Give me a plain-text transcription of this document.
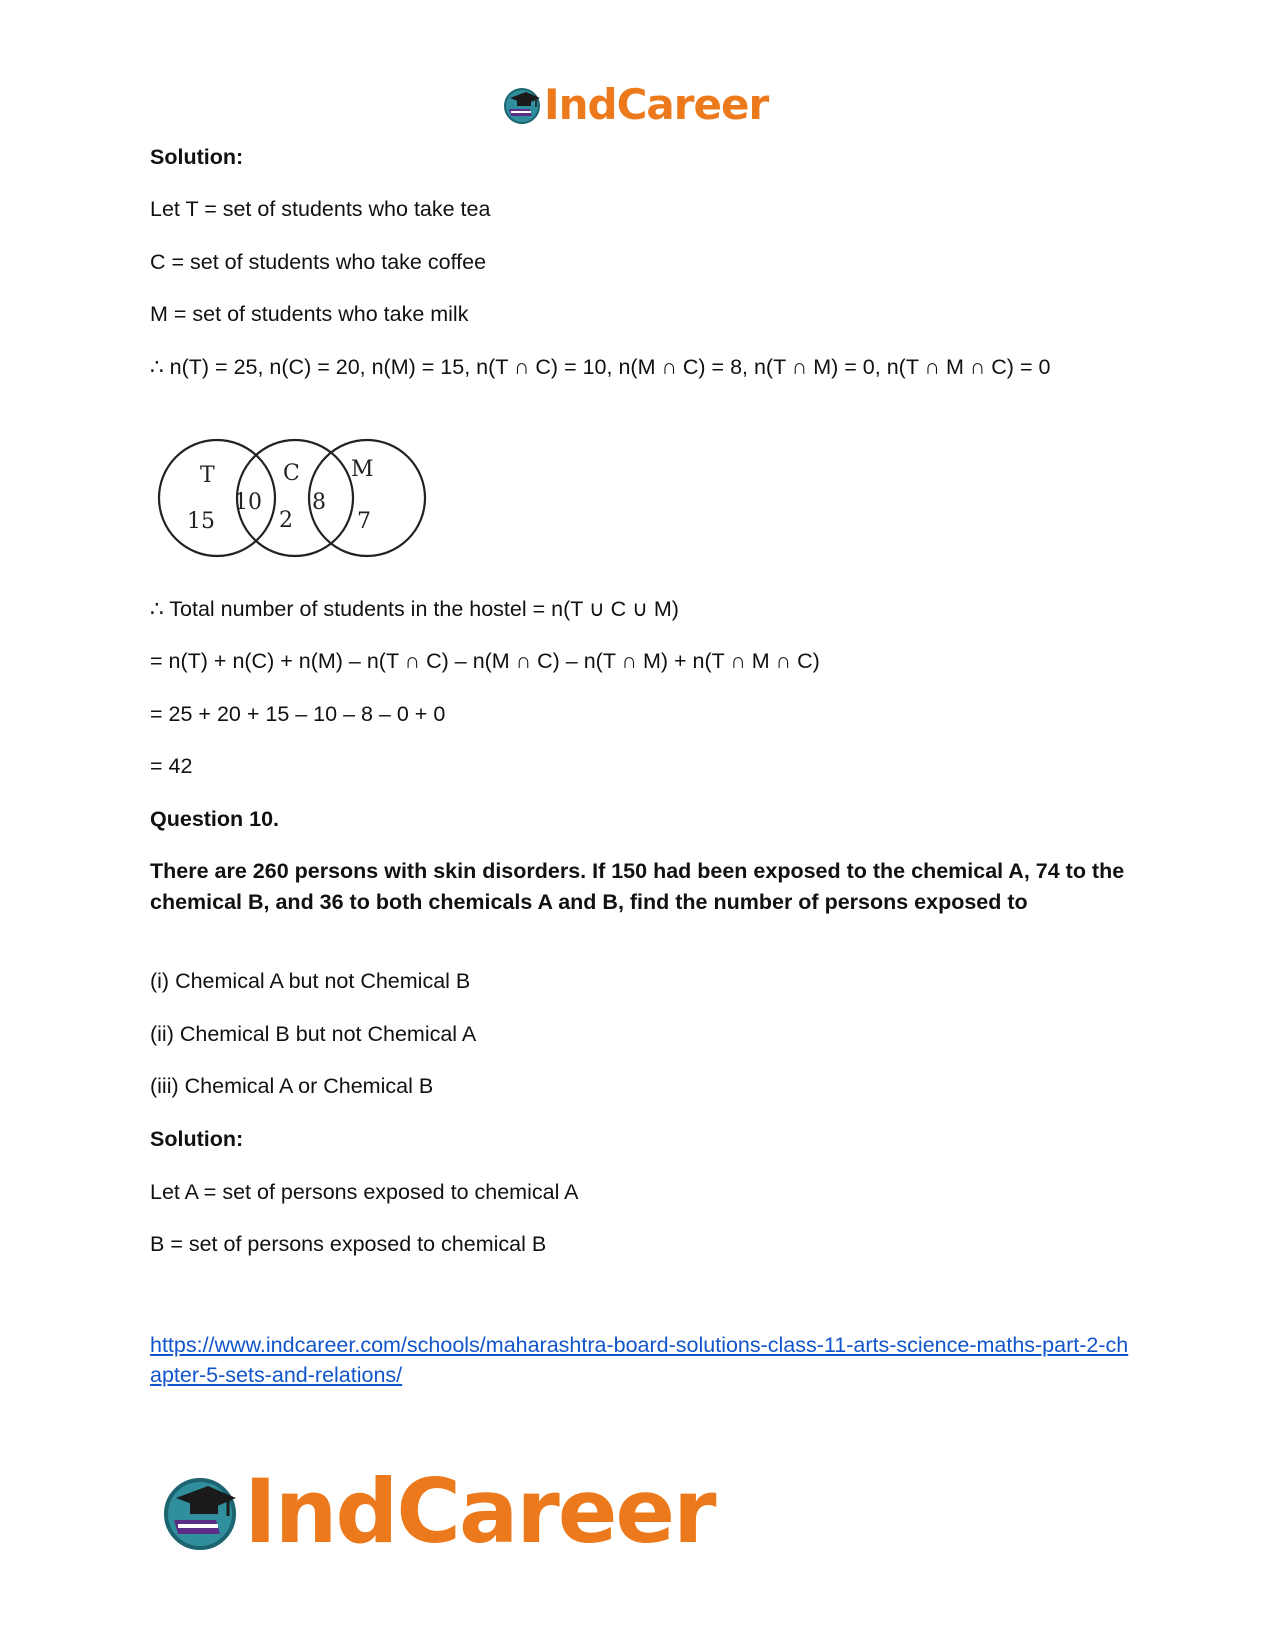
IndCareer
Solution:
Let T = set of students who take tea
C = set of students who take coffee
M = set of students who take milk
∴ n(T) = 25, n(C) = 20, n(M) = 15, n(T ∩ C) = 10, n(M ∩ C) = 8, n(T ∩ M) = 0, n(T ∩ M ∩ C) = 0
T	C M
15
10
2
8
7
∴ Total number of students in the hostel = n(T ∪ C ∪ M)
= n(T) + n(C) + n(M) – n(T ∩ C) – n(M ∩ C) – n(T ∩ M) + n(T ∩ M ∩ C)
= 25 + 20 + 15 – 10 – 8 – 0 + 0
= 42
Question 10.
There are 260 persons with skin disorders. If 150 had been exposed to the chemical A, 74 to the chemical B, and 36 to both chemicals A and B, find the number of persons exposed to
(i) Chemical A but not Chemical B
(ii) Chemical B but not Chemical A
(iii) Chemical A or Chemical B
Solution:
Let A = set of persons exposed to chemical A
B = set of persons exposed to chemical B
https://www.indcareer.com/schools/maharashtra-board-solutions-class-11-arts-science-maths-part-2-chapter-5-sets-and-relations/
IndCareer
